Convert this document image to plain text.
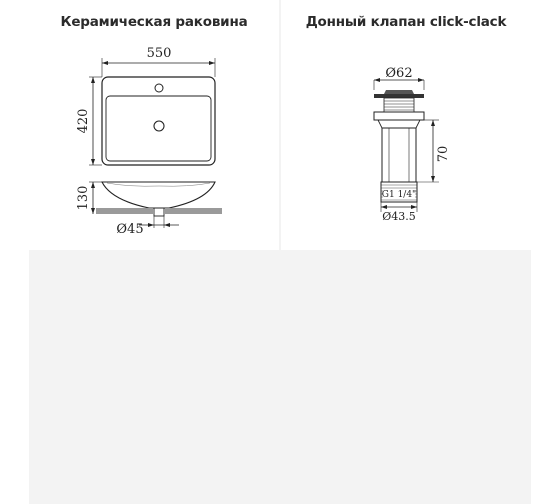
Керамическая раковина
550
420
130
Ø45
Донный клапан click-clack
Ø62
G1 1/4"
70
Ø43.5
